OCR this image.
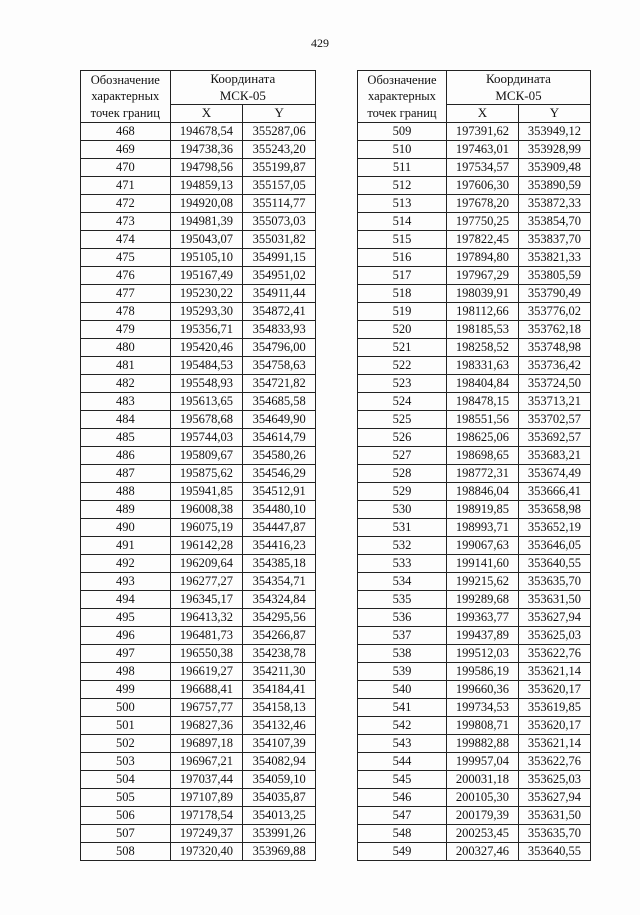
429
Обозначение
характерных
точек границ	Координата
МСК-05	

	X	Y
468	194678,54	355287,06
469	194738,36	355243,20
470	194798,56	355199,87
471	194859,13	355157,05
472	194920,08	355114,77
473	194981,39	355073,03
474	195043,07	355031,82
475	195105,10	354991,15
476	195167,49	354951,02
477	195230,22	354911,44
478	195293,30	354872,41
479	195356,71	354833,93
480	195420,46	354796,00
481	195484,53	354758,63
482	195548,93	354721,82
483	195613,65	354685,58
484	195678,68	354649,90
485	195744,03	354614,79
486	195809,67	354580,26
487	195875,62	354546,29
488	195941,85	354512,91
489	196008,38	354480,10
490	196075,19	354447,87
491	196142,28	354416,23
492	196209,64	354385,18
493	196277,27	354354,71
494	196345,17	354324,84
495	196413,32	354295,56
496	196481,73	354266,87
497	196550,38	354238,78
498	196619,27	354211,30
499	196688,41	354184,41
500	196757,77	354158,13
501	196827,36	354132,46
502	196897,18	354107,39
503	196967,21	354082,94
504	197037,44	354059,10
505	197107,89	354035,87
506	197178,54	354013,25
507	197249,37	353991,26
508	197320,40	353969,88
Обозначение
характерных
точек границ	Координата
МСК-05	

	X	Y
509	197391,62	353949,12
510	197463,01	353928,99
511	197534,57	353909,48
512	197606,30	353890,59
513	197678,20	353872,33
514	197750,25	353854,70
515	197822,45	353837,70
516	197894,80	353821,33
517	197967,29	353805,59
518	198039,91	353790,49
519	198112,66	353776,02
520	198185,53	353762,18
521	198258,52	353748,98
522	198331,63	353736,42
523	198404,84	353724,50
524	198478,15	353713,21
525	198551,56	353702,57
526	198625,06	353692,57
527	198698,65	353683,21
528	198772,31	353674,49
529	198846,04	353666,41
530	198919,85	353658,98
531	198993,71	353652,19
532	199067,63	353646,05
533	199141,60	353640,55
534	199215,62	353635,70
535	199289,68	353631,50
536	199363,77	353627,94
537	199437,89	353625,03
538	199512,03	353622,76
539	199586,19	353621,14
540	199660,36	353620,17
541	199734,53	353619,85
542	199808,71	353620,17
543	199882,88	353621,14
544	199957,04	353622,76
545	200031,18	353625,03
546	200105,30	353627,94
547	200179,39	353631,50
548	200253,45	353635,70
549	200327,46	353640,55
